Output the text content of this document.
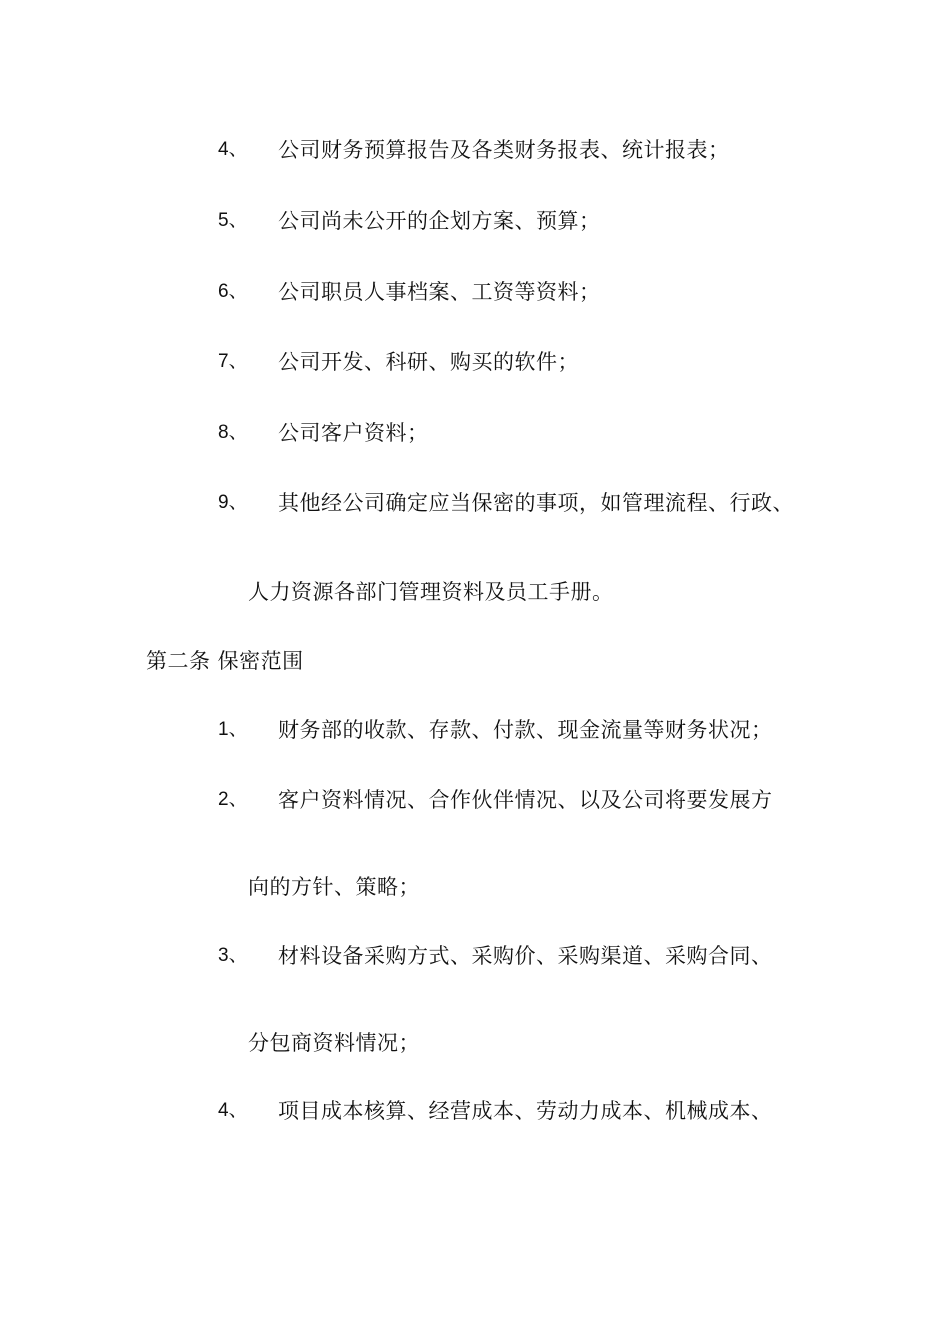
4、 公司财务预算报告及各类财务报表、统计报表；
5、 公司尚未公开的企划方案、预算；
6、 公司职员人事档案、工资等资料；
7、 公司开发、科研、购买的软件；
8、 公司客户资料；
9、 其他经公司确定应当保密的事项，如管理流程、行政、
人力资源各部门管理资料及员工手册。
第二条 保密范围
1、 财务部的收款、存款、付款、现金流量等财务状况；
2、 客户资料情况、合作伙伴情况、以及公司将要发展方
向的方针、策略；
3、 材料设备采购方式、采购价、采购渠道、采购合同、
分包商资料情况；
4、 项目成本核算、经营成本、劳动力成本、机械成本、
